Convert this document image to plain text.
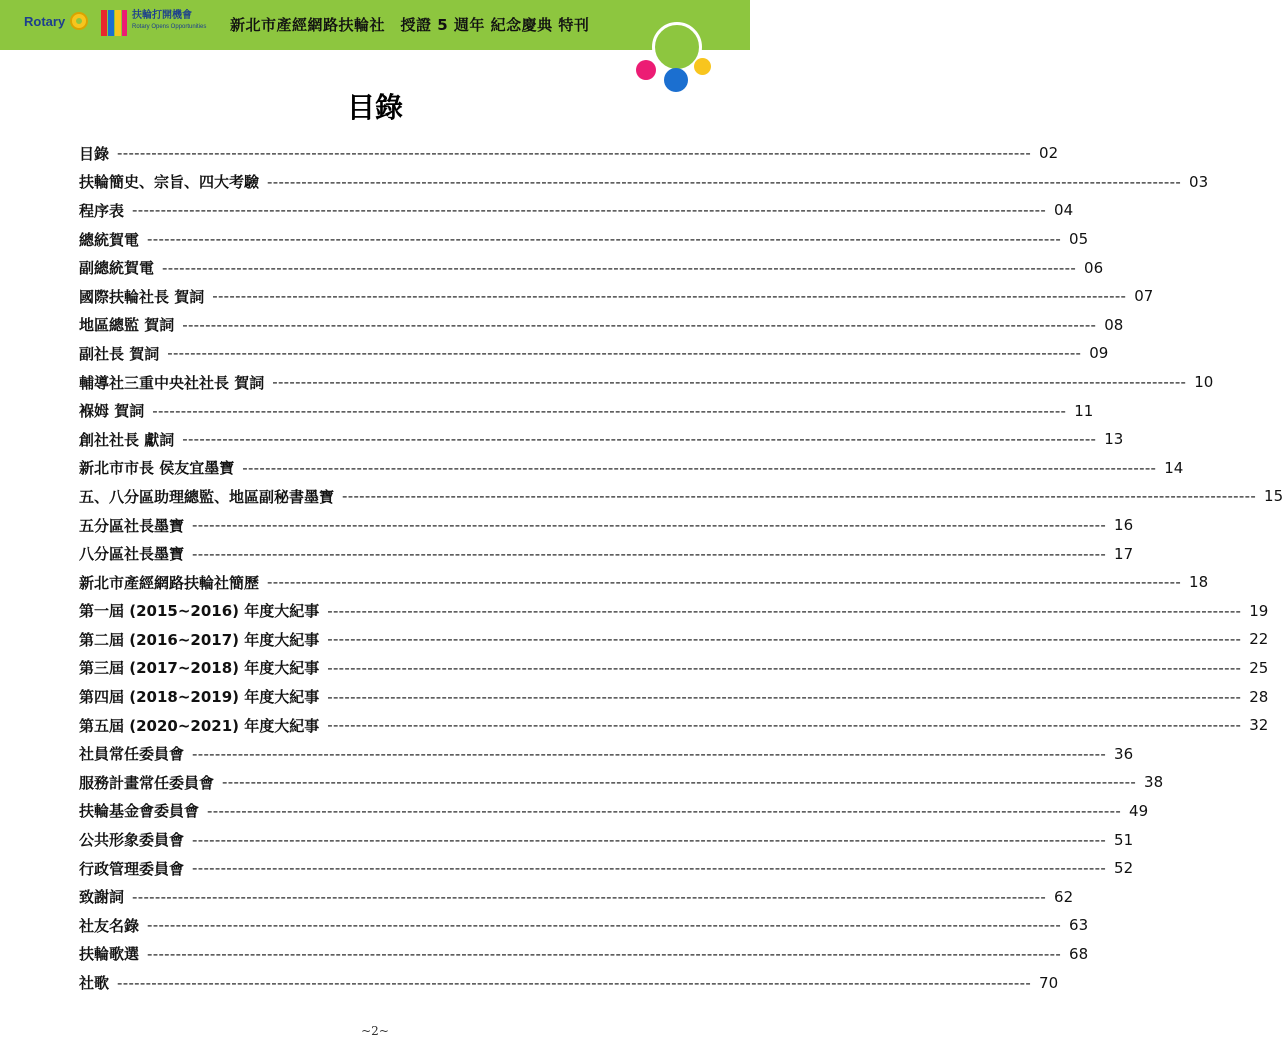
Rotary	扶輪打開機會
Rotary Opens Opportunities 新北市產經網路扶輪社　授證 5 週年 紀念慶典 特刊
目錄
目錄 ---------------------------------------------------------------------------------------------------------------------------------------------------------------- 02
扶輪簡史、宗旨、四大考驗 ---------------------------------------------------------------------------------------------------------------------------------------------------------------- 03
程序表 ---------------------------------------------------------------------------------------------------------------------------------------------------------------- 04
總統賀電 ---------------------------------------------------------------------------------------------------------------------------------------------------------------- 05
副總統賀電 ---------------------------------------------------------------------------------------------------------------------------------------------------------------- 06
國際扶輪社長 賀詞 ---------------------------------------------------------------------------------------------------------------------------------------------------------------- 07
地區總監 賀詞 ---------------------------------------------------------------------------------------------------------------------------------------------------------------- 08
副社長 賀詞 ---------------------------------------------------------------------------------------------------------------------------------------------------------------- 09
輔導社三重中央社社長 賀詞 ---------------------------------------------------------------------------------------------------------------------------------------------------------------- 10
褓姆 賀詞 ---------------------------------------------------------------------------------------------------------------------------------------------------------------- 11
創社社長 獻詞 ---------------------------------------------------------------------------------------------------------------------------------------------------------------- 13
新北市市長 侯友宜墨寶 ---------------------------------------------------------------------------------------------------------------------------------------------------------------- 14
五、八分區助理總監、地區副秘書墨寶 ---------------------------------------------------------------------------------------------------------------------------------------------------------------- 15
五分區社長墨寶 ---------------------------------------------------------------------------------------------------------------------------------------------------------------- 16
八分區社長墨寶 ---------------------------------------------------------------------------------------------------------------------------------------------------------------- 17
新北市產經網路扶輪社簡歷 ---------------------------------------------------------------------------------------------------------------------------------------------------------------- 18
第一屆 (2015~2016) 年度大紀事 ---------------------------------------------------------------------------------------------------------------------------------------------------------------- 19
第二屆 (2016~2017) 年度大紀事 ---------------------------------------------------------------------------------------------------------------------------------------------------------------- 22
第三屆 (2017~2018) 年度大紀事 ---------------------------------------------------------------------------------------------------------------------------------------------------------------- 25
第四屆 (2018~2019) 年度大紀事 ---------------------------------------------------------------------------------------------------------------------------------------------------------------- 28
第五屆 (2020~2021) 年度大紀事 ---------------------------------------------------------------------------------------------------------------------------------------------------------------- 32
社員常任委員會 ---------------------------------------------------------------------------------------------------------------------------------------------------------------- 36
服務計畫常任委員會 ---------------------------------------------------------------------------------------------------------------------------------------------------------------- 38
扶輪基金會委員會 ---------------------------------------------------------------------------------------------------------------------------------------------------------------- 49
公共形象委員會 ---------------------------------------------------------------------------------------------------------------------------------------------------------------- 51
行政管理委員會 ---------------------------------------------------------------------------------------------------------------------------------------------------------------- 52
致謝詞 ---------------------------------------------------------------------------------------------------------------------------------------------------------------- 62
社友名錄 ---------------------------------------------------------------------------------------------------------------------------------------------------------------- 63
扶輪歌選 ---------------------------------------------------------------------------------------------------------------------------------------------------------------- 68
社歌 ---------------------------------------------------------------------------------------------------------------------------------------------------------------- 70
~2~
